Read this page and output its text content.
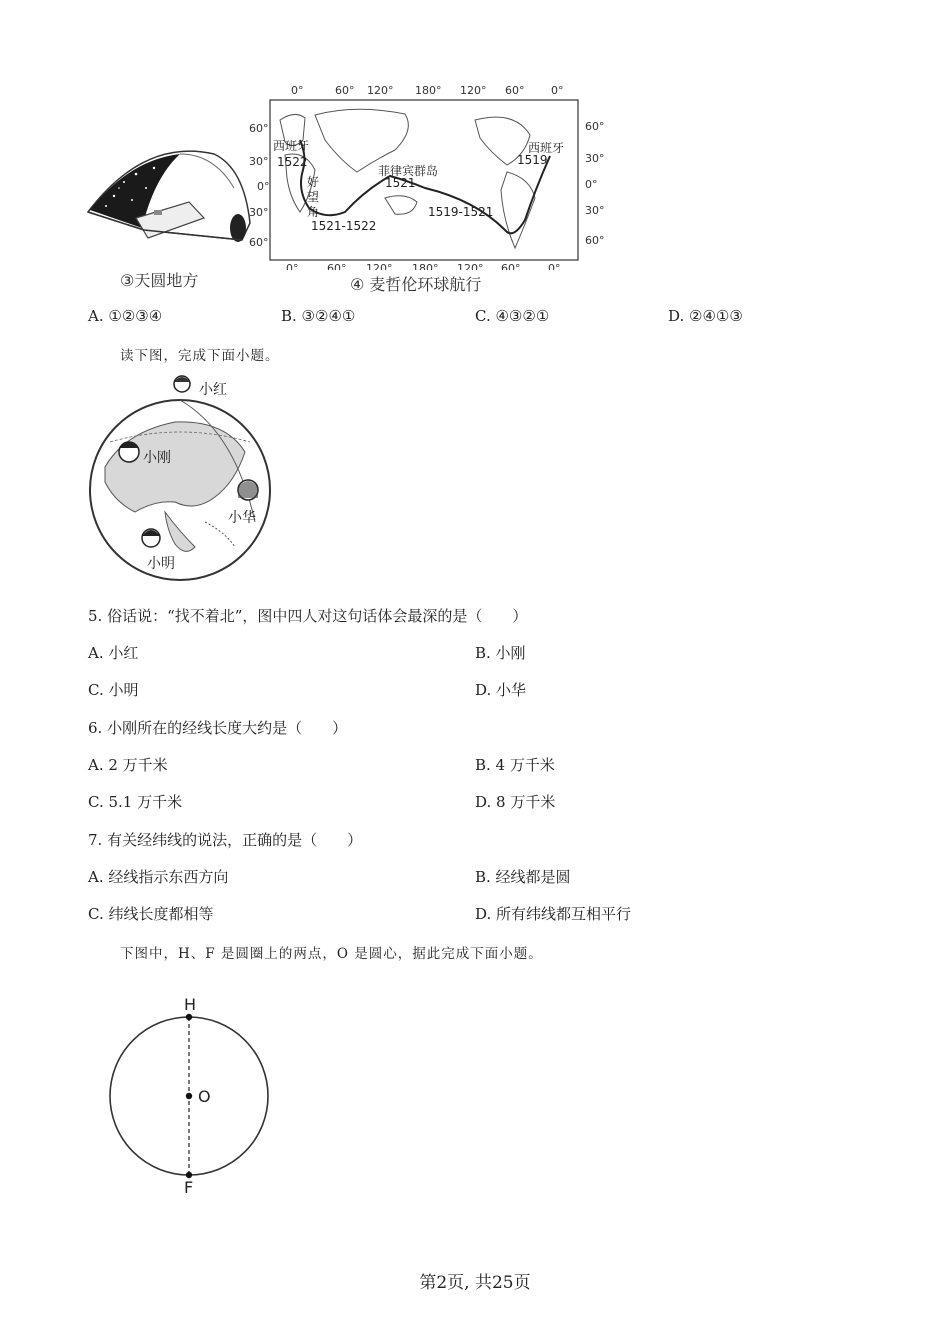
③天圆地方
0°	60° 120° 180° 120° 60° 0°
60°
30°
0°
30°
60°
60°
30°
0°
30°
60°
西班牙
1522
好
望
角
1521-1522
菲律宾群岛
1521
1519-1521
西班牙
1519
0°	60° 120° 180° 120° 60°	0°
④ 麦哲伦环球航行
A. ①②③④	B. ③②④①	C. ④③②①	D. ②④①③
读下图，完成下面小题。
小红
小刚
小华
小明
5. 俗话说：“找不着北”，图中四人对这句话体会最深的是（　　）
A. 小红	B. 小刚
C. 小明	D. 小华
6. 小刚所在的经线长度大约是（　　）
A. 2 万千米	B. 4 万千米
C. 5.1 万千米	D. 8 万千米
7. 有关经纬线的说法，正确的是（　　）
A. 经线指示东西方向	B. 经线都是圆
C. 纬线长度都相等	D. 所有纬线都互相平行
下图中，H、F 是圆圈上的两点，O 是圆心，据此完成下面小题。
H
O
F
第2页, 共25页
